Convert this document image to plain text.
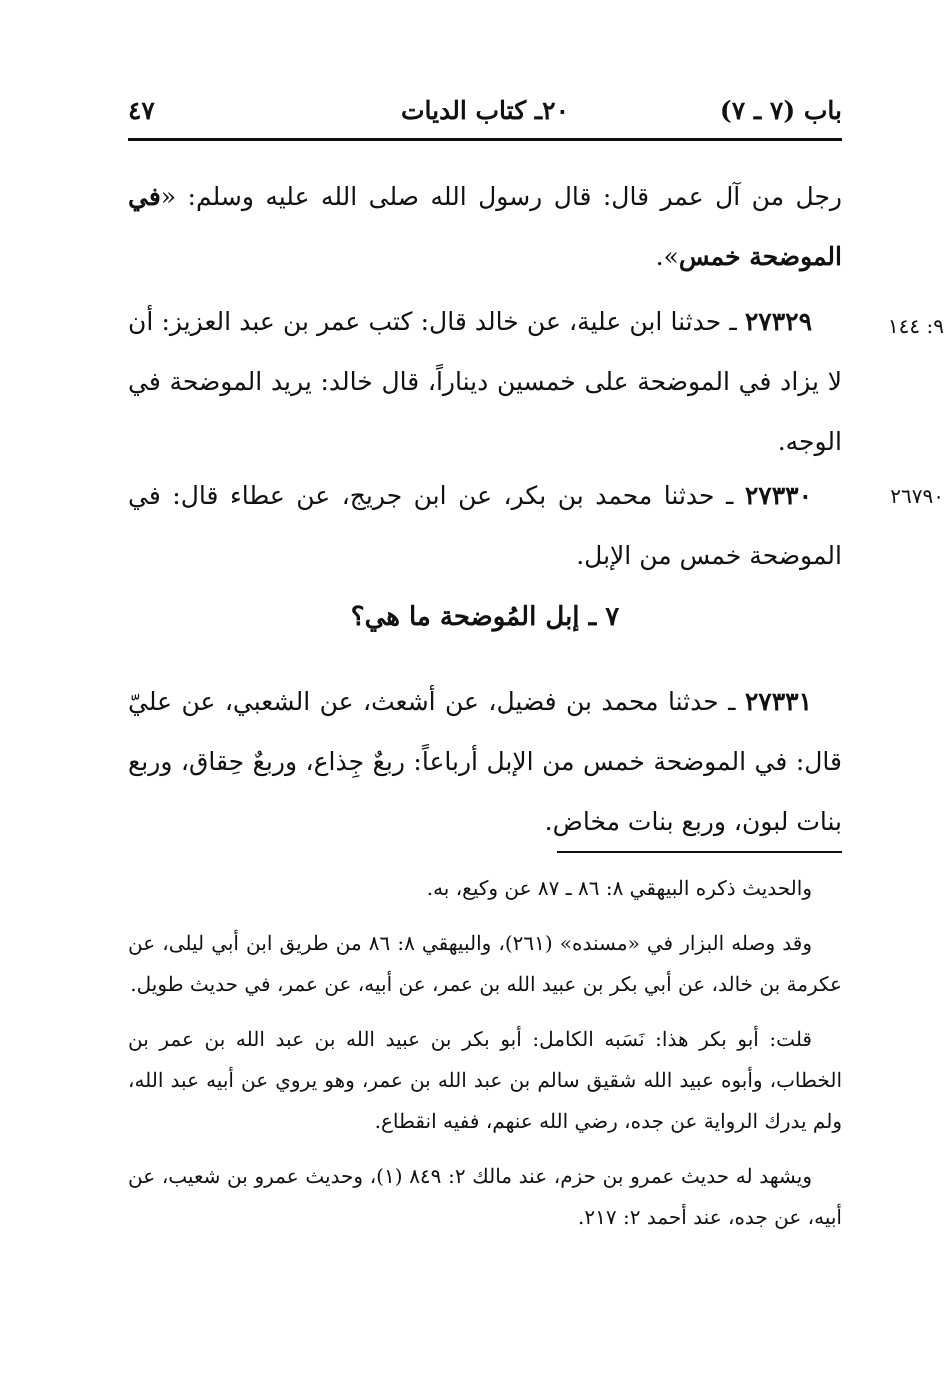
باب (٧ ـ ٧)
٢٠ـ كتاب الديات
٤٧

رجل من آل عمر قال: قال رسول الله صلى الله عليه وسلم: «في الموضحة خمس».

٩: ١٤٤

٢٧٣٢٩ ـ حدثنا ابن علية، عن خالد قال: كتب عمر بن عبد العزيز: أن لا يزاد في الموضحة على خمسين ديناراً، قال خالد: يريد الموضحة في الوجه.

٢٦٧٩٠

٢٧٣٣٠ ـ حدثنا محمد بن بكر، عن ابن جريج، عن عطاء قال: في الموضحة خمس من الإبل.

٧ ـ إبل المُوضحة ما هي؟

٢٧٣٣١ ـ حدثنا محمد بن فضيل، عن أشعث، عن الشعبي، عن عليّ قال: في الموضحة خمس من الإبل أرباعاً: ربعٌ جِذاع، وربعٌ حِقاق، وربع بنات لبون، وربع بنات مخاض.

والحديث ذكره البيهقي ٨: ٨٦ ـ ٨٧ عن وكيع، به.

وقد وصله البزار في «مسنده» (٢٦١)، والبيهقي ٨: ٨٦ من طريق ابن أبي ليلى، عن عكرمة بن خالد، عن أبي بكر بن عبيد الله بن عمر، عن أبيه، عن عمر، في حديث طويل.

قلت: أبو بكر هذا: نَسَبه الكامل: أبو بكر بن عبيد الله بن عبد الله بن عمر بن الخطاب، وأبوه عبيد الله شقيق سالم بن عبد الله بن عمر، وهو يروي عن أبيه عبد الله، ولم يدرك الرواية عن جده، رضي الله عنهم، ففيه انقطاع.

ويشهد له حديث عمرو بن حزم، عند مالك ٢: ٨٤٩ (١)، وحديث عمرو بن شعيب، عن أبيه، عن جده، عند أحمد ٢: ٢١٧.
